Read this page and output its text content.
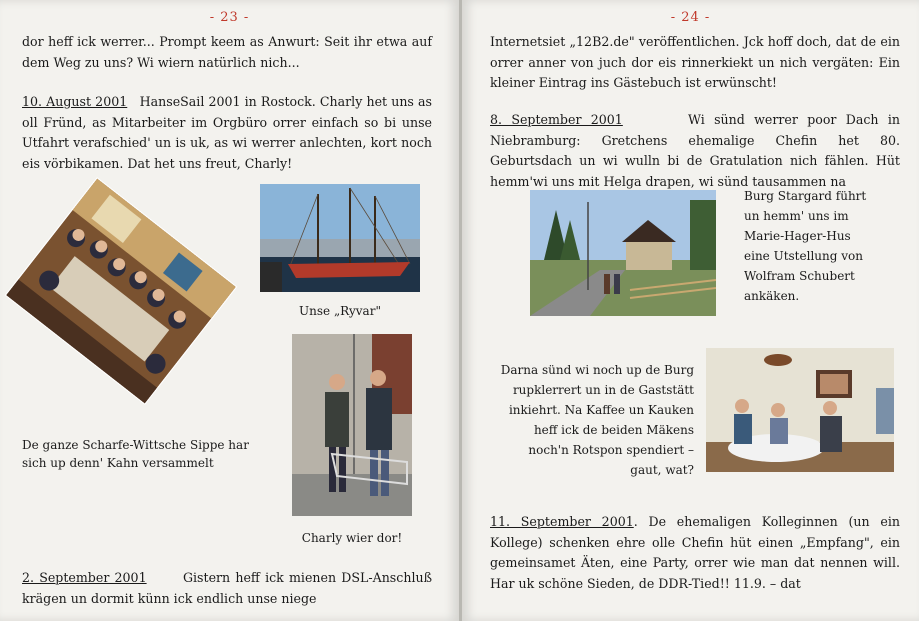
- 23 -

dor heff ick werrer... Prompt keem as Anwurt: Seit ihr etwa auf dem Weg zu uns? Wi wiern natürlich nich...

10. August 2001 HanseSail 2001 in Rostock. Charly het uns as oll Fründ, as Mitarbeiter im Orgbüro orrer einfach so bi unse Utfahrt verafschied' un is uk, as wi werrer anlechten, kort noch eis vörbikamen. Dat het uns freut, Charly!

De ganze Scharfe-Wittsche Sippe har sich up denn' Kahn versammelt
Unse „Ryvar"
Charly wier dor!

2. September 2001	Gistern heff ick mienen DSL-Anschluß krägen un dormit künn ick endlich unse niege

- 24 -

Internetsiet „12B2.de" veröffentlichen. Jck hoff doch, dat de ein orrer anner von juch dor eis rinnerkiekt un nich vergäten: Ein kleiner Eintrag ins Gästebuch ist erwünscht!

8. September 2001	Wi sünd werrer poor Dach in Niebramburg: Gretchens ehemalige Chefin het 80. Geburtsdach un wi wulln bi de Gratulation nich fählen. Hüt hemm'wi uns mit Helga drapen, wi sünd tausammen na

Burg Stargard führt un hemm' uns im Marie-Hager-Hus eine Utstellung von Wolfram Schubert ankäken.
Darna sünd wi noch up de Burg rupklerrert un in de Gaststätt inkiehrt. Na Kaffee un Kauken heff ick de beiden Mäkens noch'n Rotspon spendiert – gaut, wat?

11. September 2001. De ehemaligen Kolleginnen (un ein Kollege) schenken ehre olle Chefin hüt einen „Empfang", ein gemeinsamet Äten, eine Party, orrer wie man dat nennen will. Har uk schöne Sieden, de DDR-Tied!! 11.9. – dat
